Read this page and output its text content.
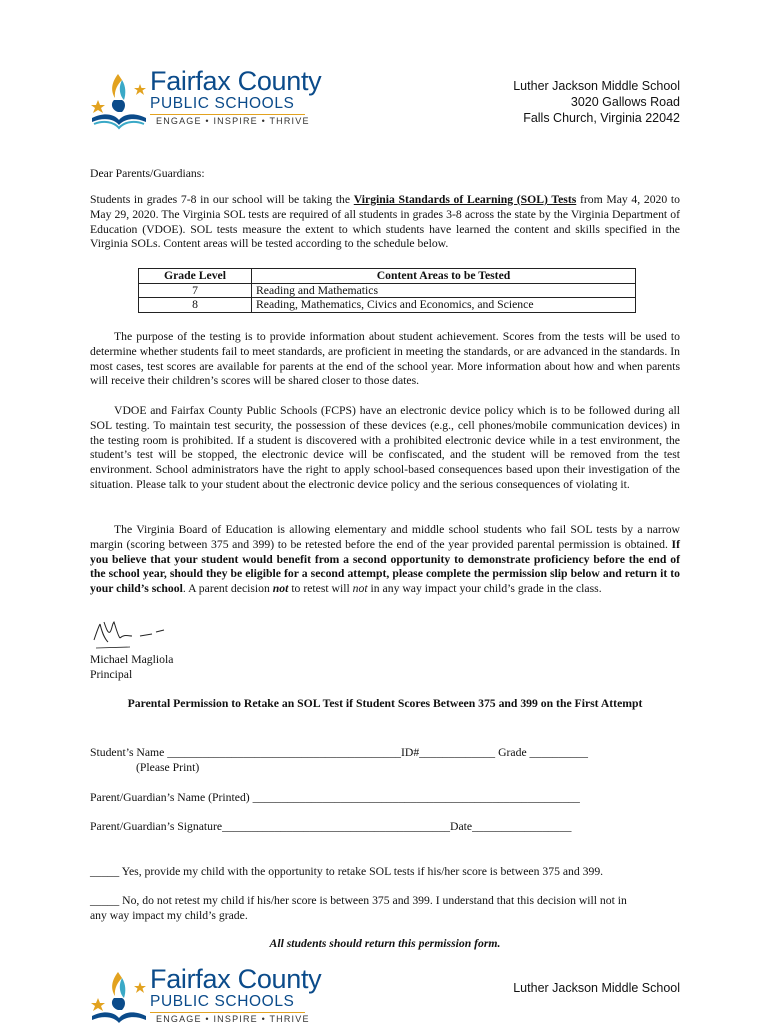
Fairfax County
PUBLIC SCHOOLS
ENGAGE • INSPIRE • THRIVE
Luther Jackson Middle School
3020 Gallows Road
Falls Church, Virginia 22042
Dear Parents/Guardians:

Students in grades 7-8 in our school will be taking the Virginia Standards of Learning (SOL) Tests from May 4, 2020 to May 29, 2020. The Virginia SOL tests are required of all students in grades 3-8 across the state by the Virginia Department of Education (VDOE). SOL tests measure the extent to which students have learned the content and skills specified in the Virginia SOLs. Content areas will be tested according to the schedule below.

Grade Level	Content Areas to be Tested
7	Reading and Mathematics
8	Reading, Mathematics, Civics and Economics, and Science

The purpose of the testing is to provide information about student achievement. Scores from the tests will be used to determine whether students fail to meet standards, are proficient in meeting the standards, or are advanced in the standards. In most cases, test scores are available for parents at the end of the school year. More information about how and when parents will receive their children’s scores will be shared closer to those dates.

VDOE and Fairfax County Public Schools (FCPS) have an electronic device policy which is to be followed during all SOL testing. To maintain test security, the possession of these devices (e.g., cell phones/mobile communication devices) in the testing room is prohibited. If a student is discovered with a prohibited electronic device while in a test environment, the student’s test will be stopped, the electronic device will be confiscated, and the student will be removed from the test environment. School administrators have the right to apply school-based consequences based upon their investigation of the situation. Please talk to your student about the electronic device policy and the serious consequences of violating it.

The Virginia Board of Education is allowing elementary and middle school students who fail SOL tests by a narrow margin (scoring between 375 and 399) to be retested before the end of the year provided parental permission is obtained. If you believe that your student would benefit from a second opportunity to demonstrate proficiency before the end of the school year, should they be eligible for a second attempt, please complete the permission slip below and return it to your child’s school. A parent decision not to retest will not in any way impact your child’s grade in the class.

Michael Magliola
Principal
Parental Permission to Retake an SOL Test if Student Scores Between 375 and 399 on the First Attempt
Student’s Name ________________________________________ID#_____________ Grade __________
(Please Print)
Parent/Guardian’s Name (Printed) ________________________________________________________
Parent/Guardian’s Signature_______________________________________Date_________________
_____ Yes, provide my child with the opportunity to retake SOL tests if his/her score is between 375 and 399.
_____ No, do not retest my child if his/her score is between 375 and 399. I understand that this decision will not in
any way impact my child’s grade.
All students should return this permission form.
Fairfax County
PUBLIC SCHOOLS
ENGAGE • INSPIRE • THRIVE
Luther Jackson Middle School
